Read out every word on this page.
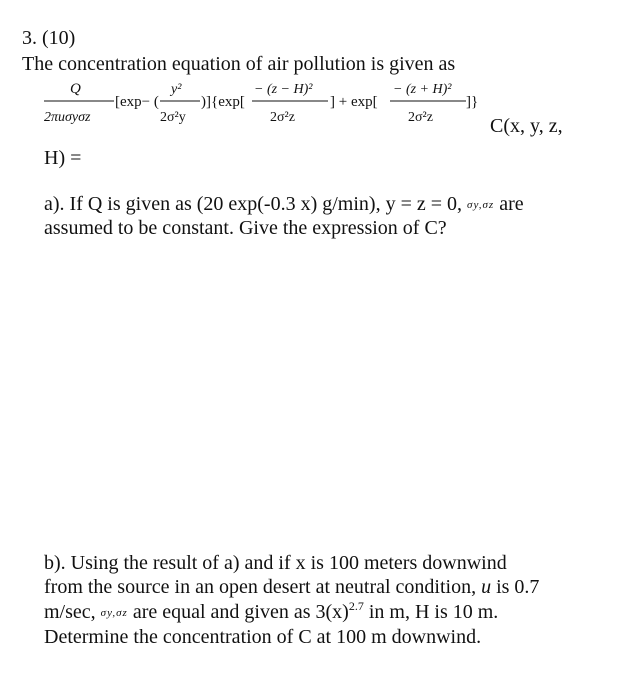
3. (10)
The concentration equation of air pollution is given as
Q
2πuσyσz
[exp− (
y²
2σ²y
)]{exp[
− (z − H)²
2σ²z
] + exp[
− (z + H)²
2σ²z
]}
C(x, y, z,
H) =
a). If Q is given as (20 exp(-0.3 x) g/min), y = z = 0, σy,σz are
assumed to be constant. Give the expression of C?
b). Using the result of a) and if x is 100 meters downwind
from the source in an open desert at neutral condition, u is 0.7
m/sec, σy,σz are equal and given as $3(x)^{2.7}$ in m, H is 10 m.
Determine the concentration of C at 100 m downwind.
